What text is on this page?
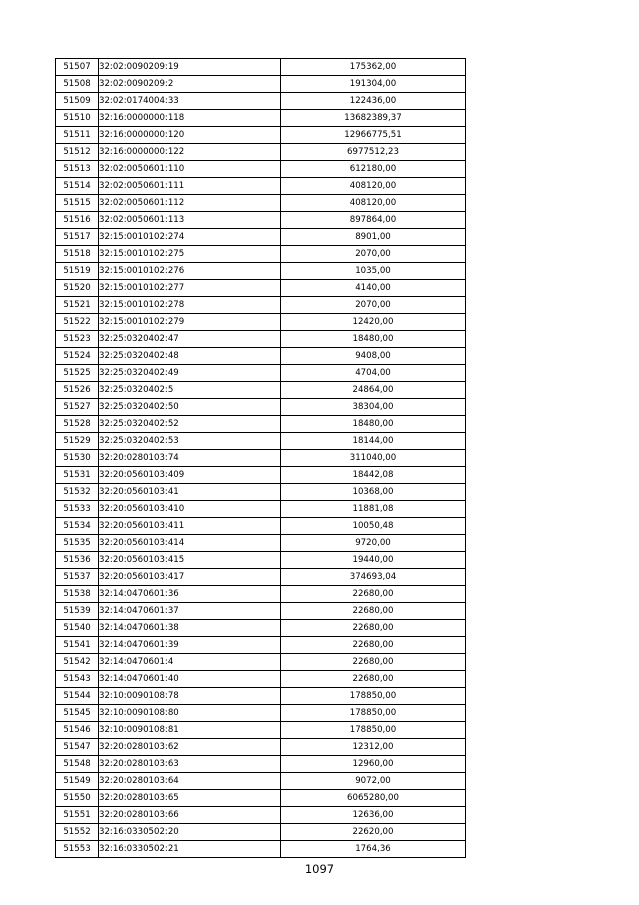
51507	32:02:0090209:19	175362,00
51508	32:02:0090209:2	191304,00
51509	32:02:0174004:33	122436,00
51510	32:16:0000000:118	13682389,37
51511	32:16:0000000:120	12966775,51
51512	32:16:0000000:122	6977512,23
51513	32:02:0050601:110	612180,00
51514	32:02:0050601:111	408120,00
51515	32:02:0050601:112	408120,00
51516	32:02:0050601:113	897864,00
51517	32:15:0010102:274	8901,00
51518	32:15:0010102:275	2070,00
51519	32:15:0010102:276	1035,00
51520	32:15:0010102:277	4140,00
51521	32:15:0010102:278	2070,00
51522	32:15:0010102:279	12420,00
51523	32:25:0320402:47	18480,00
51524	32:25:0320402:48	9408,00
51525	32:25:0320402:49	4704,00
51526	32:25:0320402:5	24864,00
51527	32:25:0320402:50	38304,00
51528	32:25:0320402:52	18480,00
51529	32:25:0320402:53	18144,00
51530	32:20:0280103:74	311040,00
51531	32:20:0560103:409	18442,08
51532	32:20:0560103:41	10368,00
51533	32:20:0560103:410	11881,08
51534	32:20:0560103:411	10050,48
51535	32:20:0560103:414	9720,00
51536	32:20:0560103:415	19440,00
51537	32:20:0560103:417	374693,04
51538	32:14:0470601:36	22680,00
51539	32:14:0470601:37	22680,00
51540	32:14:0470601:38	22680,00
51541	32:14:0470601:39	22680,00
51542	32:14:0470601:4	22680,00
51543	32:14:0470601:40	22680,00
51544	32:10:0090108:78	178850,00
51545	32:10:0090108:80	178850,00
51546	32:10:0090108:81	178850,00
51547	32:20:0280103:62	12312,00
51548	32:20:0280103:63	12960,00
51549	32:20:0280103:64	9072,00
51550	32:20:0280103:65	6065280,00
51551	32:20:0280103:66	12636,00
51552	32:16:0330502:20	22620,00
51553	32:16:0330502:21	1764,36
1097
